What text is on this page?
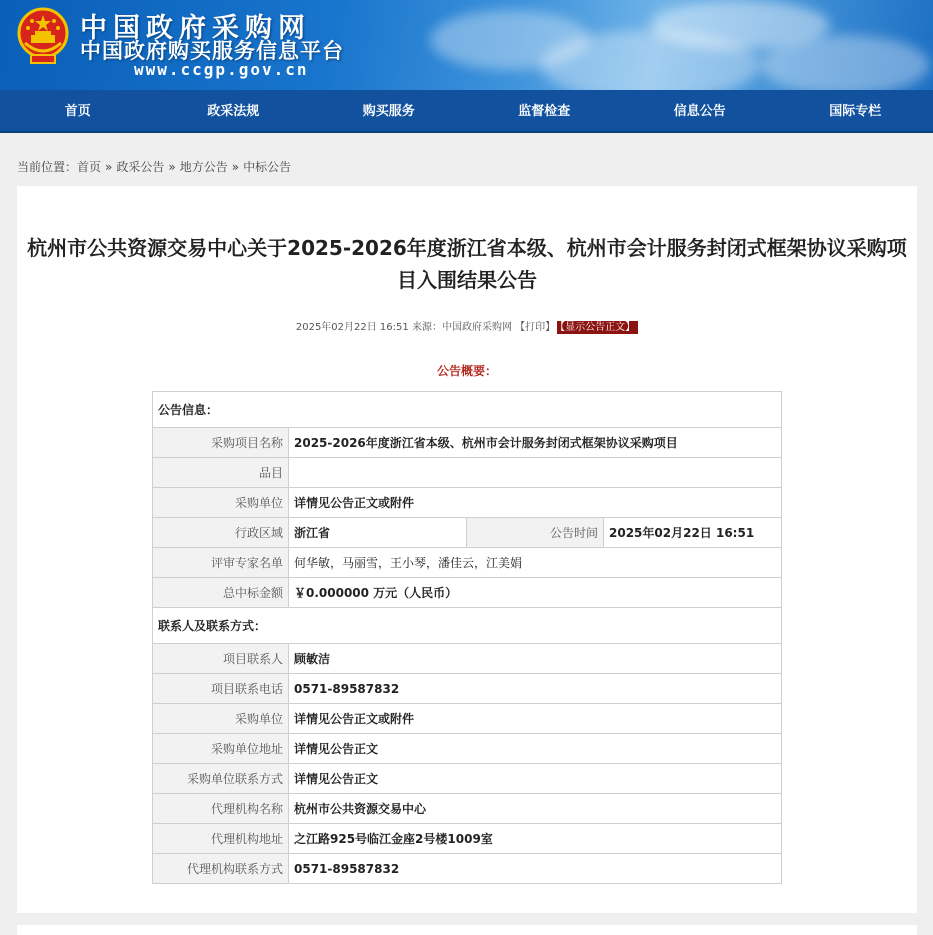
中国政府采购网
中国政府购买服务信息平台
www.ccgp.gov.cn
首页	政采法规	购买服务	监督检查	信息公告	国际专栏
当前位置：首页 » 政采公告 » 地方公告 » 中标公告
杭州市公共资源交易中心关于2025-2026年度浙江省本级、杭州市会计服务封闭式框架协议采购项目入围结果公告
2025年02月22日 16:51 来源：中国政府采购网 【打印】 【显示公告正文】
公告概要：
公告信息：			
采购项目名称	2025-2026年度浙江省本级、杭州市会计服务封闭式框架协议采购项目		
品目			
采购单位	详情见公告正文或附件		
行政区域	浙江省	公告时间	2025年02月22日 16:51
评审专家名单	何华敏，马丽雪，王小琴，潘佳云，江美娟		
总中标金额	￥0.000000 万元（人民币）		
联系人及联系方式：			
项目联系人	顾敏洁		
项目联系电话	0571-89587832		
采购单位	详情见公告正文或附件		
采购单位地址	详情见公告正文		
采购单位联系方式	详情见公告正文		
代理机构名称	杭州市公共资源交易中心		
代理机构地址	之江路925号临江金座2号楼1009室		
代理机构联系方式	0571-89587832		
